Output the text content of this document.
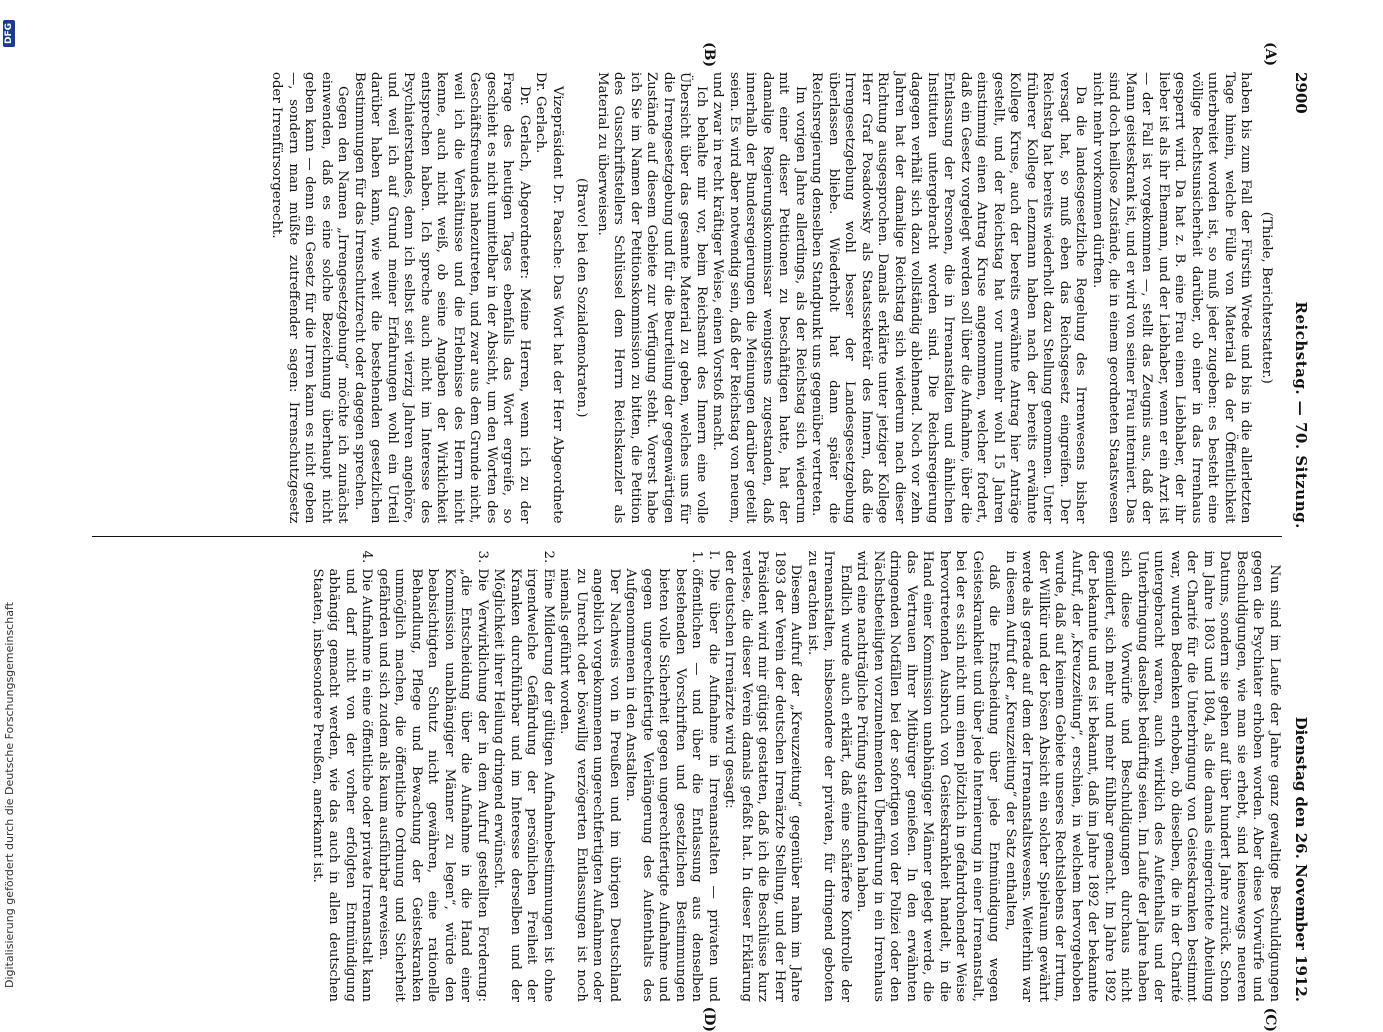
2900
Reichstag. — 70. Sitzung.
Dienstag den 26. November 1912.
(A)
(B)

(Thiele, Berichterstatter.)

haben bis zum Fall der Fürstin Wrede und bis in die allerletzten Tage hinein, welche Fülle von Material da der Öffentlichkeit unterbreitet worden ist, so muß jeder zugeben: es besteht eine völlige Rechtsunsicherheit darüber, ob einer in das Irrenhaus gesperrt wird. Da hat z. B. eine Frau einen Liebhaber, der ihr lieber ist als ihr Ehemann, und der Liebhaber, wenn er ein Arzt ist — der Fall ist vorgekommen —, stellt das Zeugnis aus, daß der Mann geisteskrank ist, und er wird von seiner Frau interniert. Das sind doch heillose Zustände, die in einem geordneten Staatswesen nicht mehr vorkommen dürften.

Da die landesgesetzliche Regelung des Irrenwesens bisher versagt hat, so muß eben das Reichsgesetz eingreifen. Der Reichstag hat bereits wiederholt dazu Stellung genommen. Unter früherer Kollege Lenzmann haben nach der bereits erwähnte Kollege Kruse, auch der bereits erwähnte Antrag hier Anträge gestellt, und der Reichstag hat vor nunmehr wohl 15 Jahren einstimmig einen Antrag Kruse angenommen, welcher fordert, daß ein Gesetz vorgelegt werden soll über die Aufnahme, über die Entlassung der Personen, die in Irrenanstalten und ähnlichen Instituten untergebracht worden sind. Die Reichsregierung dagegen verhält sich dazu vollständig ablehnend. Noch vor zehn Jahren hat der damalige Reichstag sich wiederum nach dieser Richtung ausgesprochen. Damals erklärte unter jetziger Kollege Herr Graf Posadowsky als Staatssekretär des Innern, daß die Irrengesetzgebung wohl besser der Landesgesetzgebung überlassen bliebe. Wiederholt hat dann später die Reichsregierung denselben Standpunkt uns gegenüber vertreten.

Im vorigen Jahre allerdings, als der Reichstag sich wiederum mit einer dieser Petitionen zu beschäftigen hatte, hat der damalige Regierungskommissar wenigstens zugestanden, daß innerhalb der Bundesregierungen die Meinungen darüber geteilt seien. Es wird aber notwendig sein, daß der Reichstag von neuem, und zwar in recht kräftiger Weise, einen Vorstoß macht.

Ich behalte mir vor, beim Reichsamt des Innern eine volle Übersicht über das gesamte Material zu geben, welches uns für die Irrengesetzgebung und für die Beurteilung der gegenwärtigen Zustände auf diesem Gebiete zur Verfügung steht. Vorerst habe ich Sie im Namen der Petitionskommission zu bitten, die Petition des Gusschriftstellers Schlüssel dem Herrn Reichskanzler als Material zu überweisen.

(Bravo! bei den Sozialdemokraten.)

Vizepräsident Dr. Paasche: Das Wort hat der Herr Abgeordnete Dr. Gerlach.

Dr. Gerlach, Abgeordneter: Meine Herren, wenn ich zu der Frage des heutigen Tages ebenfalls das Wort ergreife, so geschieht es nicht unmittelbar in der Absicht, um den Worten des Geschäftsfreundes nahezutreten, und zwar aus dem Grunde nicht, weil ich die Verhältnisse und die Erlebnisse des Herrn nicht kenne, auch nicht weiß, ob seine Angaben der Wirklichkeit entsprechen haben. Ich spreche auch nicht im Interesse des Psychiaterstandes, denn ich selbst seit vierzig Jahren angehöre, und weil ich auf Grund meiner Erfahrungen wohl ein Urteil darüber haben kann, wie weit die bestehenden gesetzlichen Bestimmungen für das Irrenschutzrecht oder dagegen sprechen.

Gegen den Namen „Irrengesetzgebung“ möchte ich zunächst einwenden, daß es eine solche Bezeichnung überhaupt nicht geben kann — denn ein Gesetz für die Irren kann es nicht geben —, sondern man müßte zutreffender sagen: Irrenschutzgesetz oder Irrenfürsorgerecht.

(C)
(D)

Nun sind im Laufe der Jahre ganz gewaltige Beschuldigungen gegen die Psychiater erhoben worden. Aber diese Vorwürfe und Beschuldigungen, wie man sie erhebt, sind keineswegs neueren Datums, sondern sie gehen auf über hundert Jahre zurück. Schon im Jahre 1803 und 1804, als die damals eingerichtete Abteilung der Charité für die Unterbringung von Geisteskranken bestimmt war, wurden Bedenken erhoben, ob dieselben, die in der Charité untergebracht waren, auch wirklich des Aufenthalts und der Unterbringung daselbst bedürftig seien. Im Laufe der Jahre haben sich diese Vorwürfe und Beschuldigungen durchaus nicht gemildert, sich mehr und mehr fühlbar gemacht. Im Jahre 1892 der bekannte und es ist bekannt, daß im Jahre 1892 der bekannte Aufruf, der „Kreuzzeitung“, erschien, in welchem hervorgehoben wurde, daß auf keinem Gebiete unseres Rechtslebens der Irrtum, der Willkür und der bösen Absicht ein solcher Spielraum gewährt werde als gerade auf dem der Irrenanstaltswesens. Weiterhin war in diesem Aufruf der „Kreuzzeitung“ der Satz enthalten,

daß die Entscheidung über jede Entmündigung wegen Geisteskrankheit und über jede Internierung in einer Irrenanstalt, bei der es sich nicht um einen plötzlich in gefahrdrohender Weise hervortretenden Ausbruch von Geisteskrankheit handelt, in die Hand einer Kommission unabhängiger Männer gelegt werde, die das Vertrauen ihrer Mitbürger genießen. In den erwähnten dringenden Notfällen bei der sofortigen von der Polizei oder den Nächstbeteiligten vorzunehmenden Überführung in ein Irrenhaus wird eine nachträgliche Prüfung stattzufinden haben.

Endlich wurde auch erklärt, daß eine schärfere Kontrolle der Irrenanstalten, insbesondere der privaten, für dringend geboten zu erachten ist.

Diesem Aufruf der „Kreuzzeitung“ gegenüber nahm im Jahre 1893 der Verein der deutschen Irrenärzte Stellung, und der Herr Präsident wird mir gütigst gestatten, daß ich die Beschlüsse kurz verlese, die dieser Verein damals gefaßt hat. In dieser Erklärung der deutschen Irrenärzte wird gesagt:

I. 1.
Die über die Aufnahme in Irrenanstalten — privaten und öffentlichen — und über die Entlassung aus denselben bestehenden Vorschriften und gesetzlichen Bestimmungen bieten volle Sicherheit gegen ungerechtfertigte Aufnahme und gegen ungerechtfertigte Verlängerung des Aufenthalts des Aufgenommenen in den Anstalten.
Der Nachweis von in Preußen und im übrigen Deutschland angeblich vorgekommenen ungerechtfertigten Aufnahmen oder zu Unrecht oder böswillig verzögerten Entlassungen ist noch niemals geführt worden.
2.
Eine Milderung der gültigen Aufnahmebestimmungen ist ohne irgendwelche Gefährdung der persönlichen Freiheit der Kranken durchführbar und im Interesse derselben und der Möglichkeit ihrer Heilung dringend erwünscht.
3.
Die Verwirklichung der in dem Aufruf gestellten Forderung: „die Entscheidung über die Aufnahme in die Hand einer Kommission unabhängiger Männer zu legen“, würde den beabsichtigten Schutz nicht gewähren, eine rationelle Behandlung, Pflege und Bewachung der Geisteskranken unmöglich machen, die öffentliche Ordnung und Sicherheit gefährden und sich zudem als kaum ausführbar erweisen.
4.
Die Aufnahme in eine öffentliche oder private Irrenanstalt kann und darf nicht von der vorher erfolgten Entmündigung abhängig gemacht werden, wie das auch in allen deutschen Staaten, insbesondere Preußen, anerkannt ist.
Digitalisierung gefördert durch die Deutsche Forschungsgemeinschaft
DFG
